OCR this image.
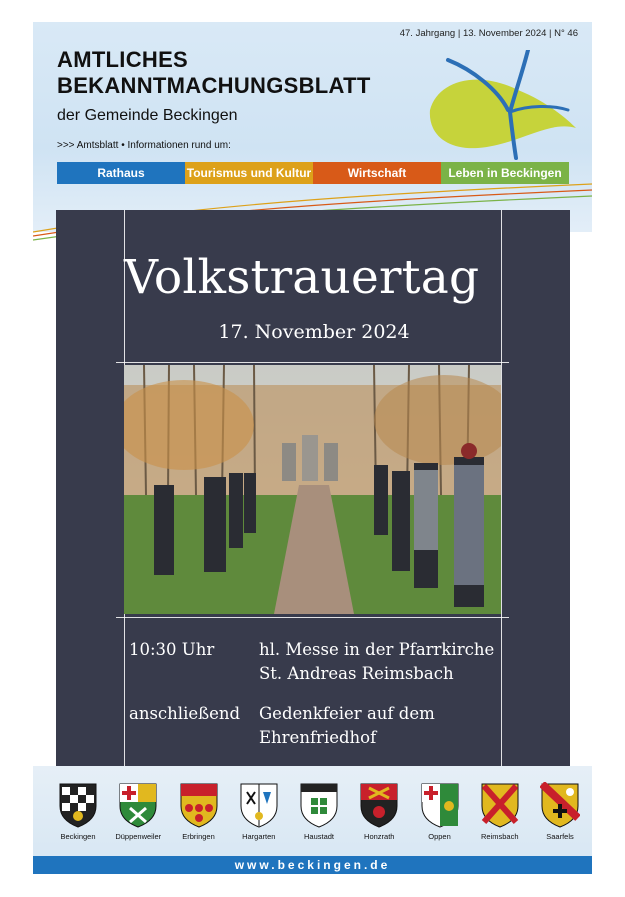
47. Jahrgang | 13. November 2024 | N° 46
AMTLICHES
BEKANNTMACHUNGSBLATT
der Gemeinde Beckingen
>>> Amtsblatt • Informationen rund um:
Rathaus	Tourismus und Kultur	Wirtschaft	Leben in Beckingen
Volkstrauertag
17. November 2024
10:30 Uhr	hl. Messe in der Pfarrkirche
St. Andreas Reimsbach
anschließend Gedenkfeier auf dem
Ehrenfriedhof
Beckingen	Düppenweiler	Erbringen	Hargarten	Haustadt	Honzrath	Oppen	Reimsbach	Saarfels
www.beckingen.de
